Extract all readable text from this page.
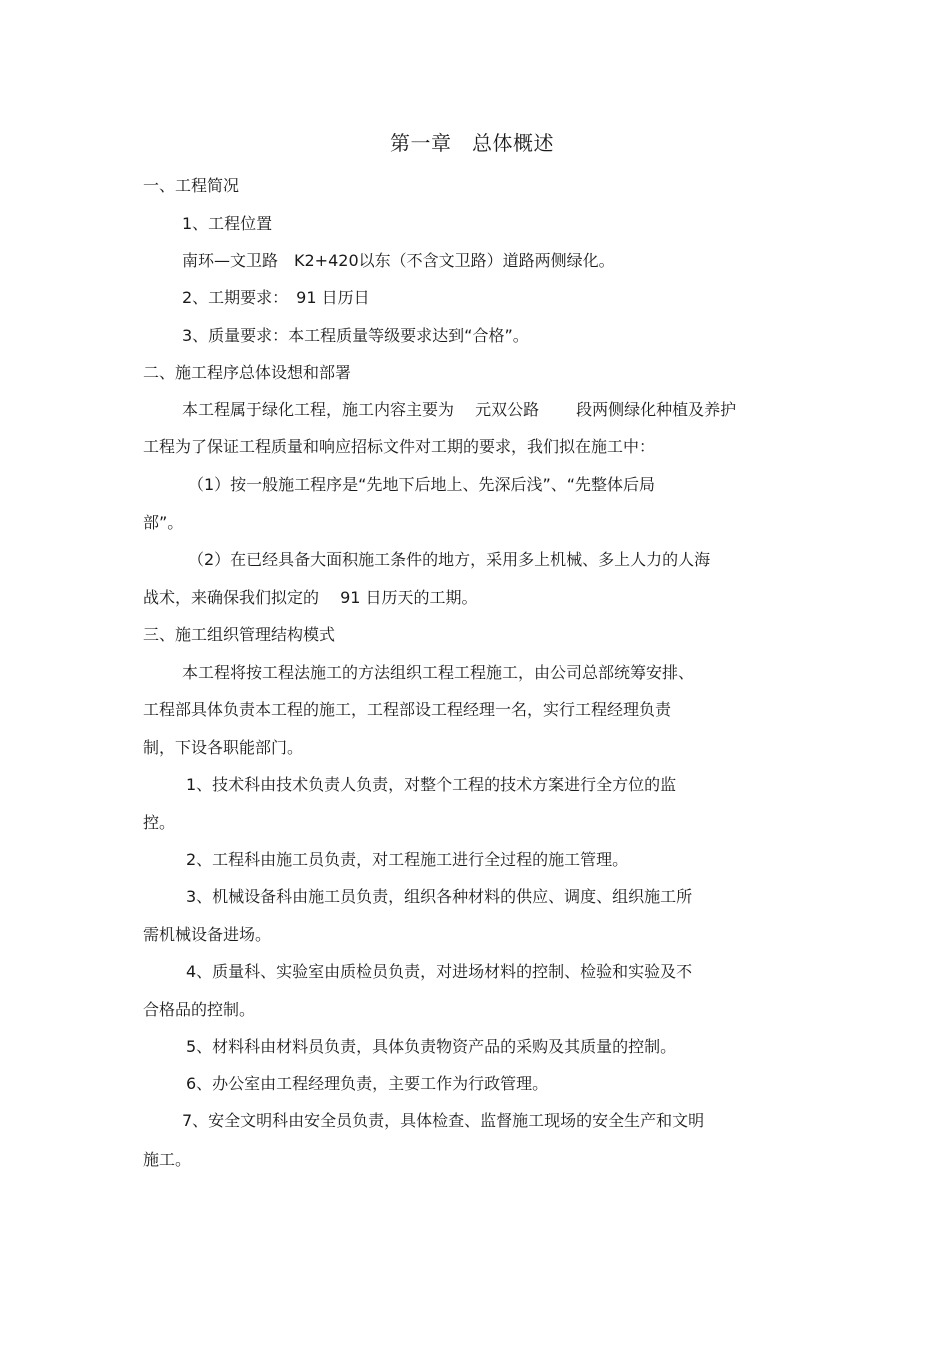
第一章　总体概述
一、工程简况
1、工程位置
南环—文卫路　K2+420以东（不含文卫路）道路两侧绿化。
2、工期要求：　91 日历日
3、质量要求：本工程质量等级要求达到“合格”。
二、施工程序总体设想和部署
本工程属于绿化工程，施工内容主要为　 元双公路　　 段两侧绿化种植及养护
工程为了保证工程质量和响应招标文件对工期的要求，我们拟在施工中：
（1）按一般施工程序是“先地下后地上、先深后浅”、“先整体后局
部”。
（2）在已经具备大面积施工条件的地方，采用多上机械、多上人力的人海
战术，来确保我们拟定的　 91 日历天的工期。
三、施工组织管理结构模式
本工程将按工程法施工的方法组织工程工程施工，由公司总部统筹安排、
工程部具体负责本工程的施工，工程部设工程经理一名，实行工程经理负责
制，下设各职能部门。
1、技术科由技术负责人负责，对整个工程的技术方案进行全方位的监
控。
2、工程科由施工员负责，对工程施工进行全过程的施工管理。
3、机械设备科由施工员负责，组织各种材料的供应、调度、组织施工所
需机械设备进场。
4、质量科、实验室由质检员负责，对进场材料的控制、检验和实验及不
合格品的控制。
5、材料科由材料员负责，具体负责物资产品的采购及其质量的控制。
6、办公室由工程经理负责，主要工作为行政管理。
7、安全文明科由安全员负责，具体检查、监督施工现场的安全生产和文明
施工。
